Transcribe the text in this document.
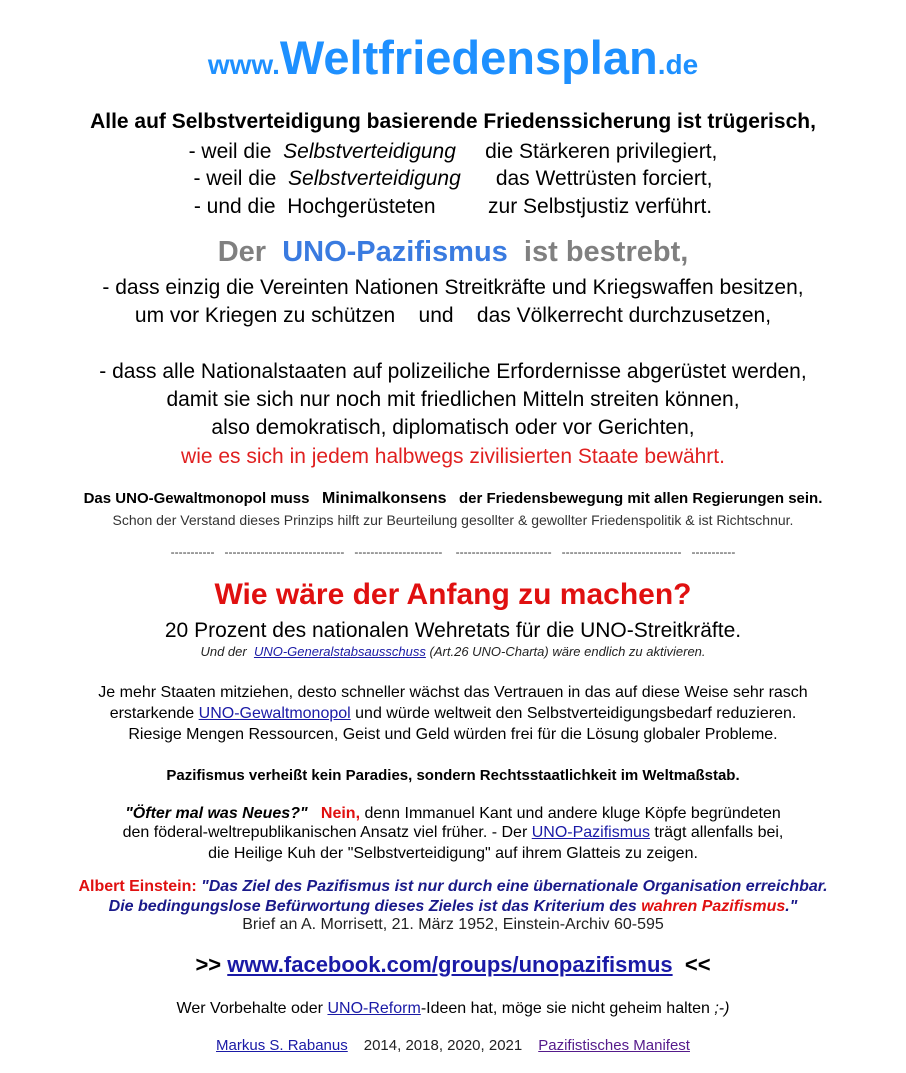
www.Weltfriedensplan.de
Alle auf Selbstverteidigung basierende Friedenssicherung ist trügerisch,
- weil die Selbstverteidigung die Stärkeren privilegiert,
- weil die Selbstverteidigung das Wettrüsten forciert,
- und die Hochgerüsteten	zur Selbstjustiz verführt.
Der UNO-Pazifismus ist bestrebt,
- dass einzig die Vereinten Nationen Streitkräfte und Kriegswaffen besitzen,
um vor Kriegen zu schützen    und    das Völkerrecht durchzusetzen,
- dass alle Nationalstaaten auf polizeiliche Erfordernisse abgerüstet werden,
damit sie sich nur noch mit friedlichen Mitteln streiten können,
also demokratisch, diplomatisch oder vor Gerichten,
wie es sich in jedem halbwegs zivilisierten Staate bewährt.
Das UNO-Gewaltmonopol muss Minimalkonsens der Friedensbewegung mit allen Regierungen sein.
Schon der Verstand dieses Prinzips hilft zur Beurteilung gesollter & gewollter Friedenspolitik & ist Richtschnur.
-----------   ------------------------------   ----------------------    ------------------------   ------------------------------   -----------
Wie wäre der Anfang zu machen?
20 Prozent des nationalen Wehretats für die UNO-Streitkräfte.
Und der UNO-Generalstabsausschuss (Art.26 UNO-Charta) wäre endlich zu aktivieren.
Je mehr Staaten mitziehen, desto schneller wächst das Vertrauen in das auf diese Weise sehr rasch
erstarkende UNO-Gewaltmonopol und würde weltweit den Selbstverteidigungsbedarf reduzieren.
Riesige Mengen Ressourcen, Geist und Geld würden frei für die Lösung globaler Probleme.
Pazifismus verheißt kein Paradies, sondern Rechtsstaatlichkeit im Weltmaßstab.
"Öfter mal was Neues?" Nein, denn Immanuel Kant und andere kluge Köpfe begründeten
den föderal-weltrepublikanischen Ansatz viel früher. - Der UNO-Pazifismus trägt allenfalls bei,
die Heilige Kuh der "Selbstverteidigung" auf ihrem Glatteis zu zeigen.
Albert Einstein: "Das Ziel des Pazifismus ist nur durch eine übernationale Organisation erreichbar.
Die bedingungslose Befürwortung dieses Zieles ist das Kriterium des wahren Pazifismus."
Brief an A. Morrisett, 21. März 1952, Einstein-Archiv 60-595
>> www.facebook.com/groups/unopazifismus <<
Wer Vorbehalte oder UNO-Reform-Ideen hat, möge sie nicht geheim halten ;-)
Markus S. Rabanus 2014, 2018, 2020, 2021 Pazifistisches Manifest
